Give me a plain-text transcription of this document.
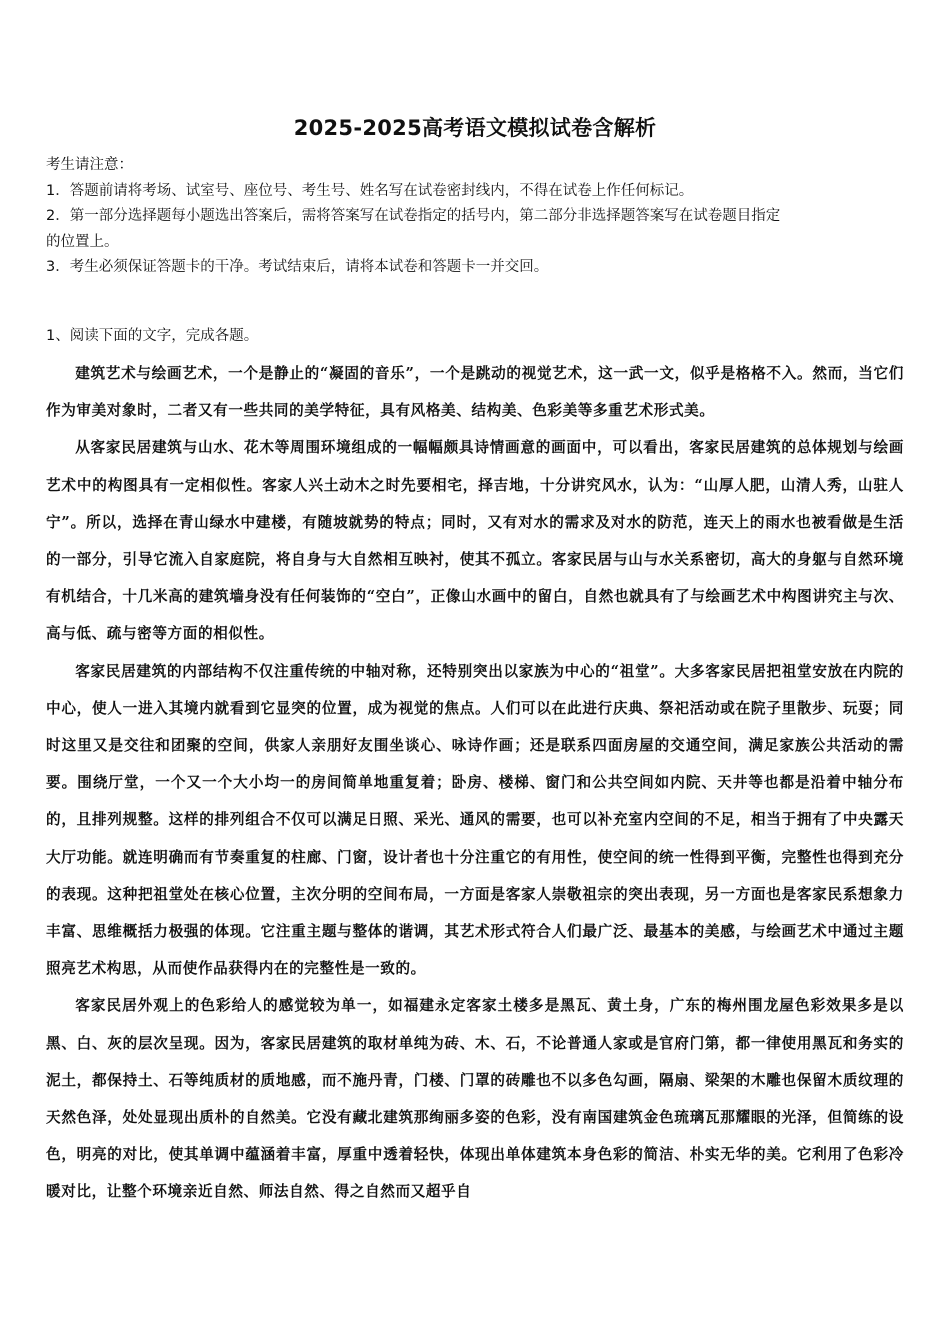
2025-2025高考语文模拟试卷含解析
考生请注意：
1．答题前请将考场、试室号、座位号、考生号、姓名写在试卷密封线内，不得在试卷上作任何标记。
2．第一部分选择题每小题选出答案后，需将答案写在试卷指定的括号内，第二部分非选择题答案写在试卷题目指定
的位置上。
3．考生必须保证答题卡的干净。考试结束后，请将本试卷和答题卡一并交回。
1、阅读下面的文字，完成各题。

建筑艺术与绘画艺术，一个是静止的“凝固的音乐”，一个是跳动的视觉艺术，这一武一文，似乎是格格不入。然而，当它们作为审美对象时，二者又有一些共同的美学特征，具有风格美、结构美、色彩美等多重艺术形式美。

从客家民居建筑与山水、花木等周围环境组成的一幅幅颇具诗情画意的画面中，可以看出，客家民居建筑的总体规划与绘画艺术中的构图具有一定相似性。客家人兴土动木之时先要相宅，择吉地，十分讲究风水，认为：“山厚人肥，山清人秀，山驻人宁”。所以，选择在青山绿水中建楼，有随坡就势的特点；同时，又有对水的需求及对水的防范，连天上的雨水也被看做是生活的一部分，引导它流入自家庭院，将自身与大自然相互映衬，使其不孤立。客家民居与山与水关系密切，高大的身躯与自然环境有机结合，十几米高的建筑墙身没有任何装饰的“空白”，正像山水画中的留白，自然也就具有了与绘画艺术中构图讲究主与次、高与低、疏与密等方面的相似性。

客家民居建筑的内部结构不仅注重传统的中轴对称，还特别突出以家族为中心的“祖堂”。大多客家民居把祖堂安放在内院的中心，使人一进入其境内就看到它显突的位置，成为视觉的焦点。人们可以在此进行庆典、祭祀活动或在院子里散步、玩耍；同时这里又是交往和团聚的空间，供家人亲朋好友围坐谈心、咏诗作画；还是联系四面房屋的交通空间，满足家族公共活动的需要。围绕厅堂，一个又一个大小均一的房间简单地重复着；卧房、楼梯、窗门和公共空间如内院、天井等也都是沿着中轴分布的，且排列规整。这样的排列组合不仅可以满足日照、采光、通风的需要，也可以补充室内空间的不足，相当于拥有了中央露天大厅功能。就连明确而有节奏重复的柱廊、门窗，设计者也十分注重它的有用性，使空间的统一性得到平衡，完整性也得到充分的表现。这种把祖堂处在核心位置，主次分明的空间布局，一方面是客家人崇敬祖宗的突出表现，另一方面也是客家民系想象力丰富、思维概括力极强的体现。它注重主题与整体的谐调，其艺术形式符合人们最广泛、最基本的美感，与绘画艺术中通过主题照亮艺术构思，从而使作品获得内在的完整性是一致的。

客家民居外观上的色彩给人的感觉较为单一，如福建永定客家土楼多是黑瓦、黄土身，广东的梅州围龙屋色彩效果多是以黑、白、灰的层次呈现。因为，客家民居建筑的取材单纯为砖、木、石，不论普通人家或是官府门第，都一律使用黑瓦和务实的泥土，都保持土、石等纯质材的质地感，而不施丹青，门楼、门罩的砖雕也不以多色勾画，隔扇、梁架的木雕也保留木质纹理的天然色泽，处处显现出质朴的自然美。它没有藏北建筑那绚丽多姿的色彩，没有南国建筑金色琉璃瓦那耀眼的光泽，但简练的设色，明亮的对比，使其单调中蕴涵着丰富，厚重中透着轻快，体现出单体建筑本身色彩的简洁、朴实无华的美。它利用了色彩冷暖对比，让整个环境亲近自然、师法自然、得之自然而又超乎自
